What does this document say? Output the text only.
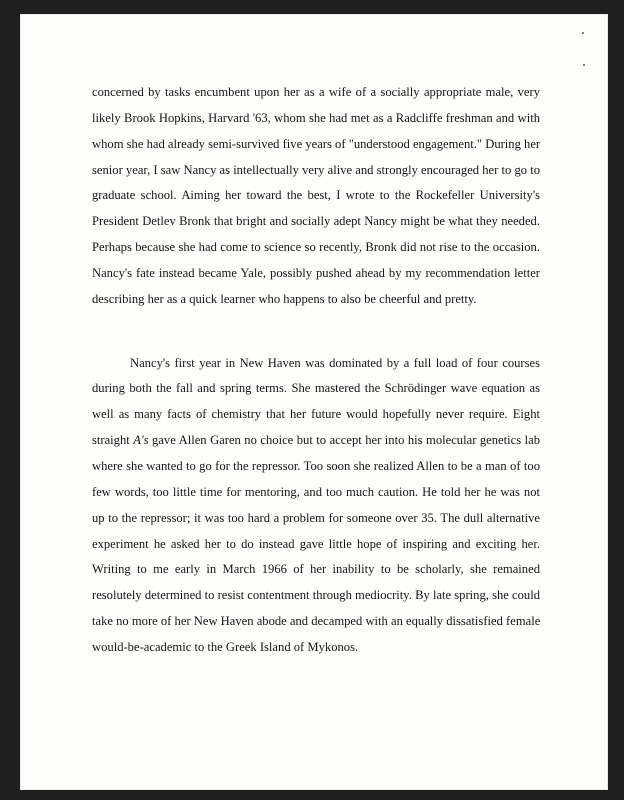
concerned by tasks encumbent upon her as a wife of a socially appropriate male, very
likely Brook Hopkins, Harvard '63, whom she had met as a Radcliffe freshman and with
whom she had already semi-survived five years of "understood engagement." During her
senior year, I saw Nancy as intellectually very alive and strongly encouraged her to go to
graduate school. Aiming her toward the best, I wrote to the Rockefeller University's
President Detlev Bronk that bright and socially adept Nancy might be what they needed.
Perhaps because she had come to science so recently, Bronk did not rise to the occasion.
Nancy's fate instead became Yale, possibly pushed ahead by my recommendation letter
describing her as a quick learner who happens to also be cheerful and pretty.
Nancy's first year in New Haven was dominated by a full load of four courses
during both the fall and spring terms. She mastered the Schrödinger wave equation as
well as many facts of chemistry that her future would hopefully never require. Eight
straight A's gave Allen Garen no choice but to accept her into his molecular genetics lab
where she wanted to go for the repressor. Too soon she realized Allen to be a man of too
few words, too little time for mentoring, and too much caution. He told her he was not
up to the repressor; it was too hard a problem for someone over 35. The dull alternative
experiment he asked her to do instead gave little hope of inspiring and exciting her.
Writing to me early in March 1966 of her inability to be scholarly, she remained
resolutely determined to resist contentment through mediocrity. By late spring, she could
take no more of her New Haven abode and decamped with an equally dissatisfied female
would-be-academic to the Greek Island of Mykonos.
